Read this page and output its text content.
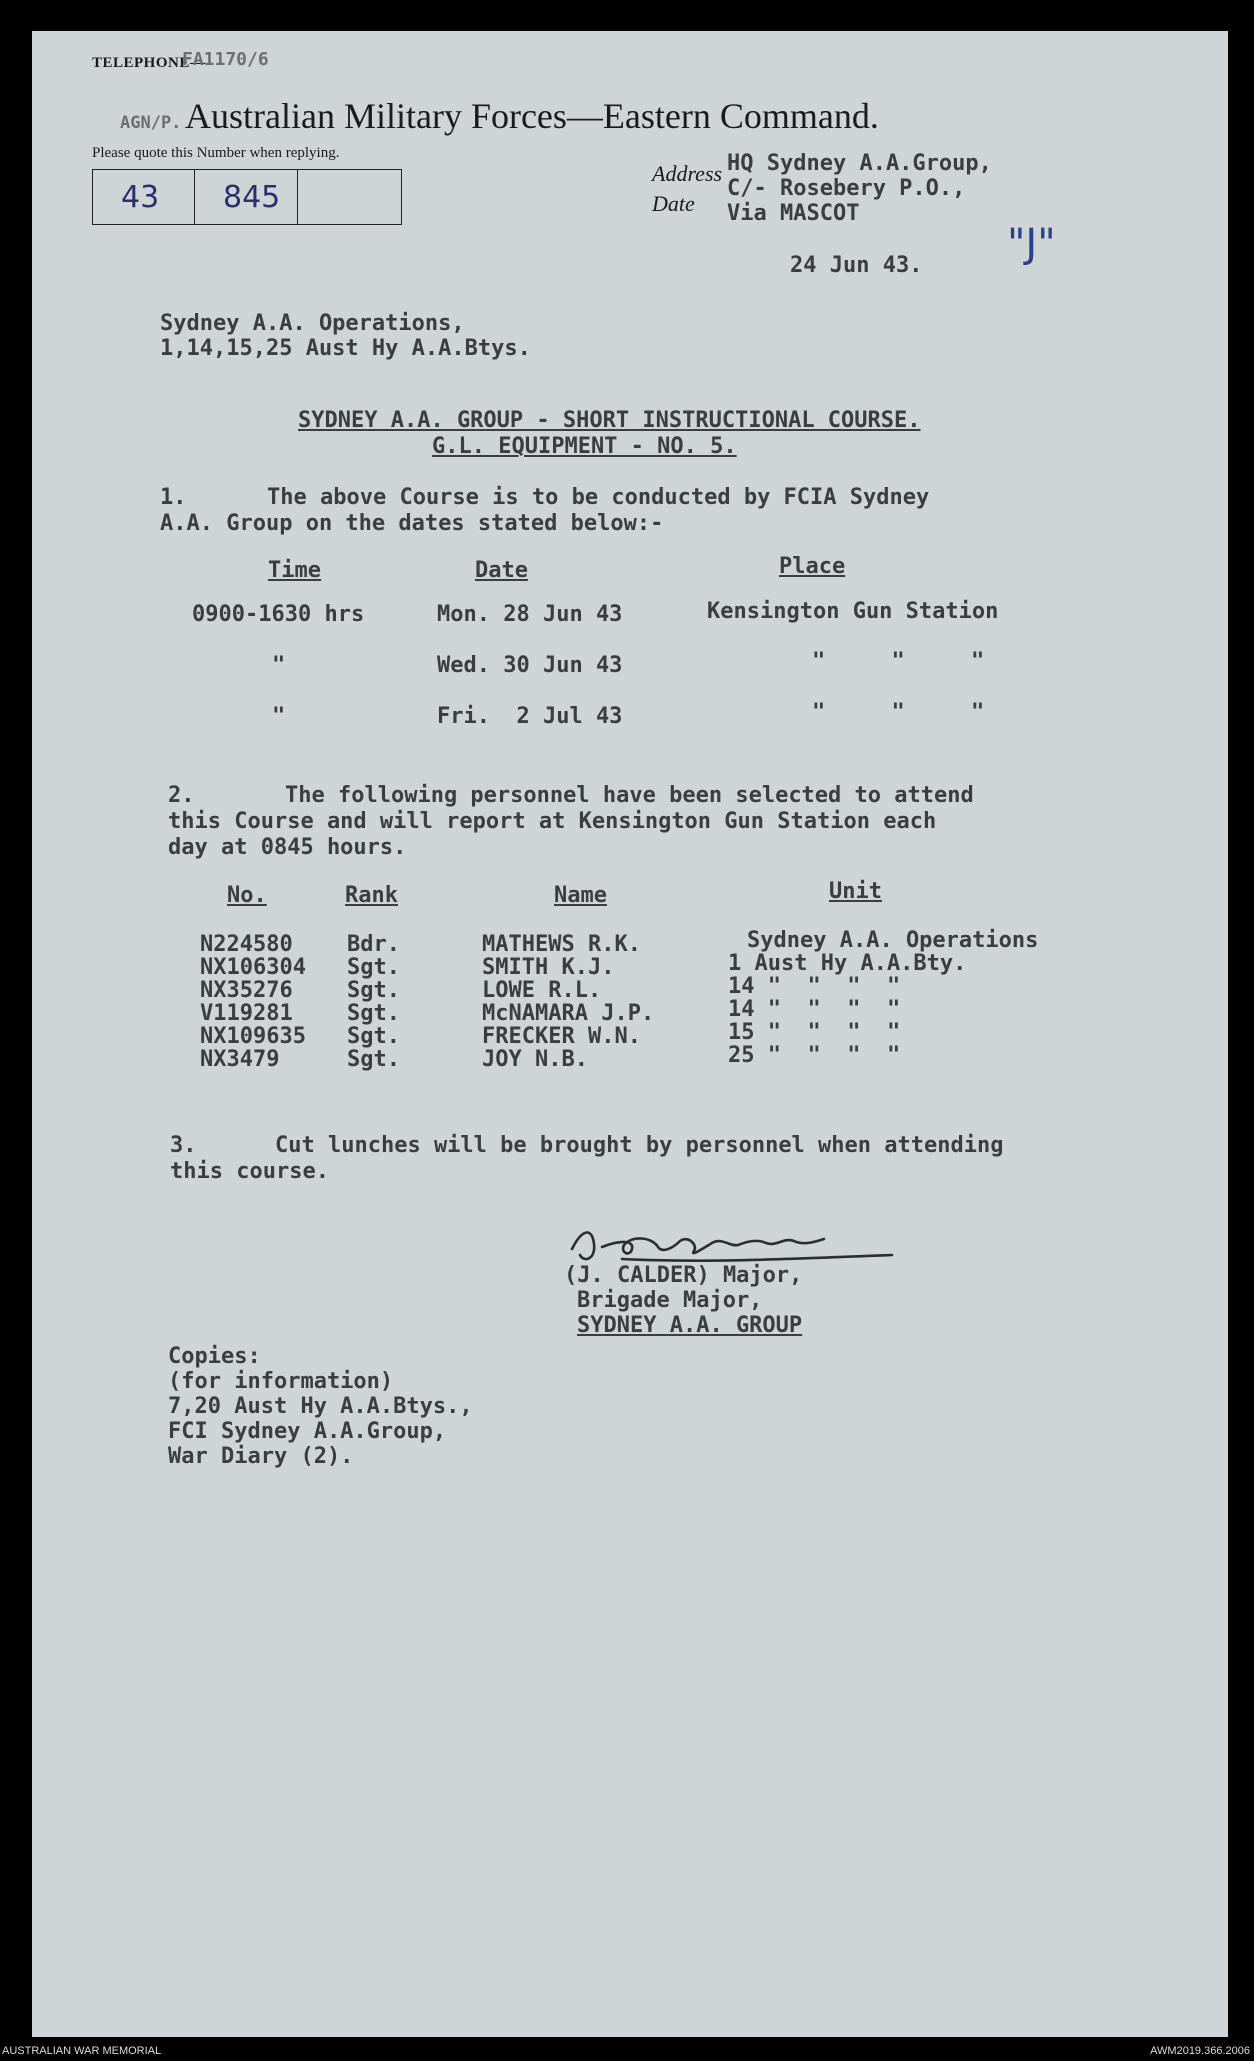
TELEPHONE—
FA1170/6
AGN/P. Australian Military Forces—Eastern Command.
Please quote this Number when replying.
43 845
Address
Date
HQ Sydney A.A.Group,
C/- Rosebery P.O.,
Via MASCOT
24 Jun 43. "J"
Sydney A.A. Operations,
1,14,15,25 Aust Hy A.A.Btys.
SYDNEY A.A. GROUP - SHORT INSTRUCTIONAL COURSE.
G.L. EQUIPMENT - NO. 5.
1.	The above Course is to be conducted by FCIA Sydney
A.A. Group on the dates stated below:-
Time	Date	Place
0900-1630 hrs	Mon. 28 Jun 43	Kensington Gun Station
"	Wed. 30 Jun 43	"     "     "
"	Fri.  2 Jul 43	"     "     "
2.	The following personnel have been selected to attend
this Course and will report at Kensington Gun Station each
day at 0845 hours.
No.	Rank	Name	Unit
N224580 Bdr.	MATHEWS R.K.	Sydney A.A. Operations
NX106304 Sgt.	SMITH K.J.	1 Aust Hy A.A.Bty.
NX35276 Sgt.	LOWE R.L.	14 "  "  "  "
V119281 Sgt.	McNAMARA J.P.	14 "  "  "  "
NX109635 Sgt.	FRECKER W.N.	15 "  "  "  "
NX3479	Sgt.	JOY N.B.	25 "  "  "  "
3.	Cut lunches will be brought by personnel when attending
this course.
(J. CALDER) Major,
Brigade Major,
SYDNEY A.A. GROUP
Copies:
(for information)
7,20 Aust Hy A.A.Btys.,
FCI Sydney A.A.Group,
War Diary (2).
AUSTRALIAN WAR MEMORIAL	AWM2019.366.2006
